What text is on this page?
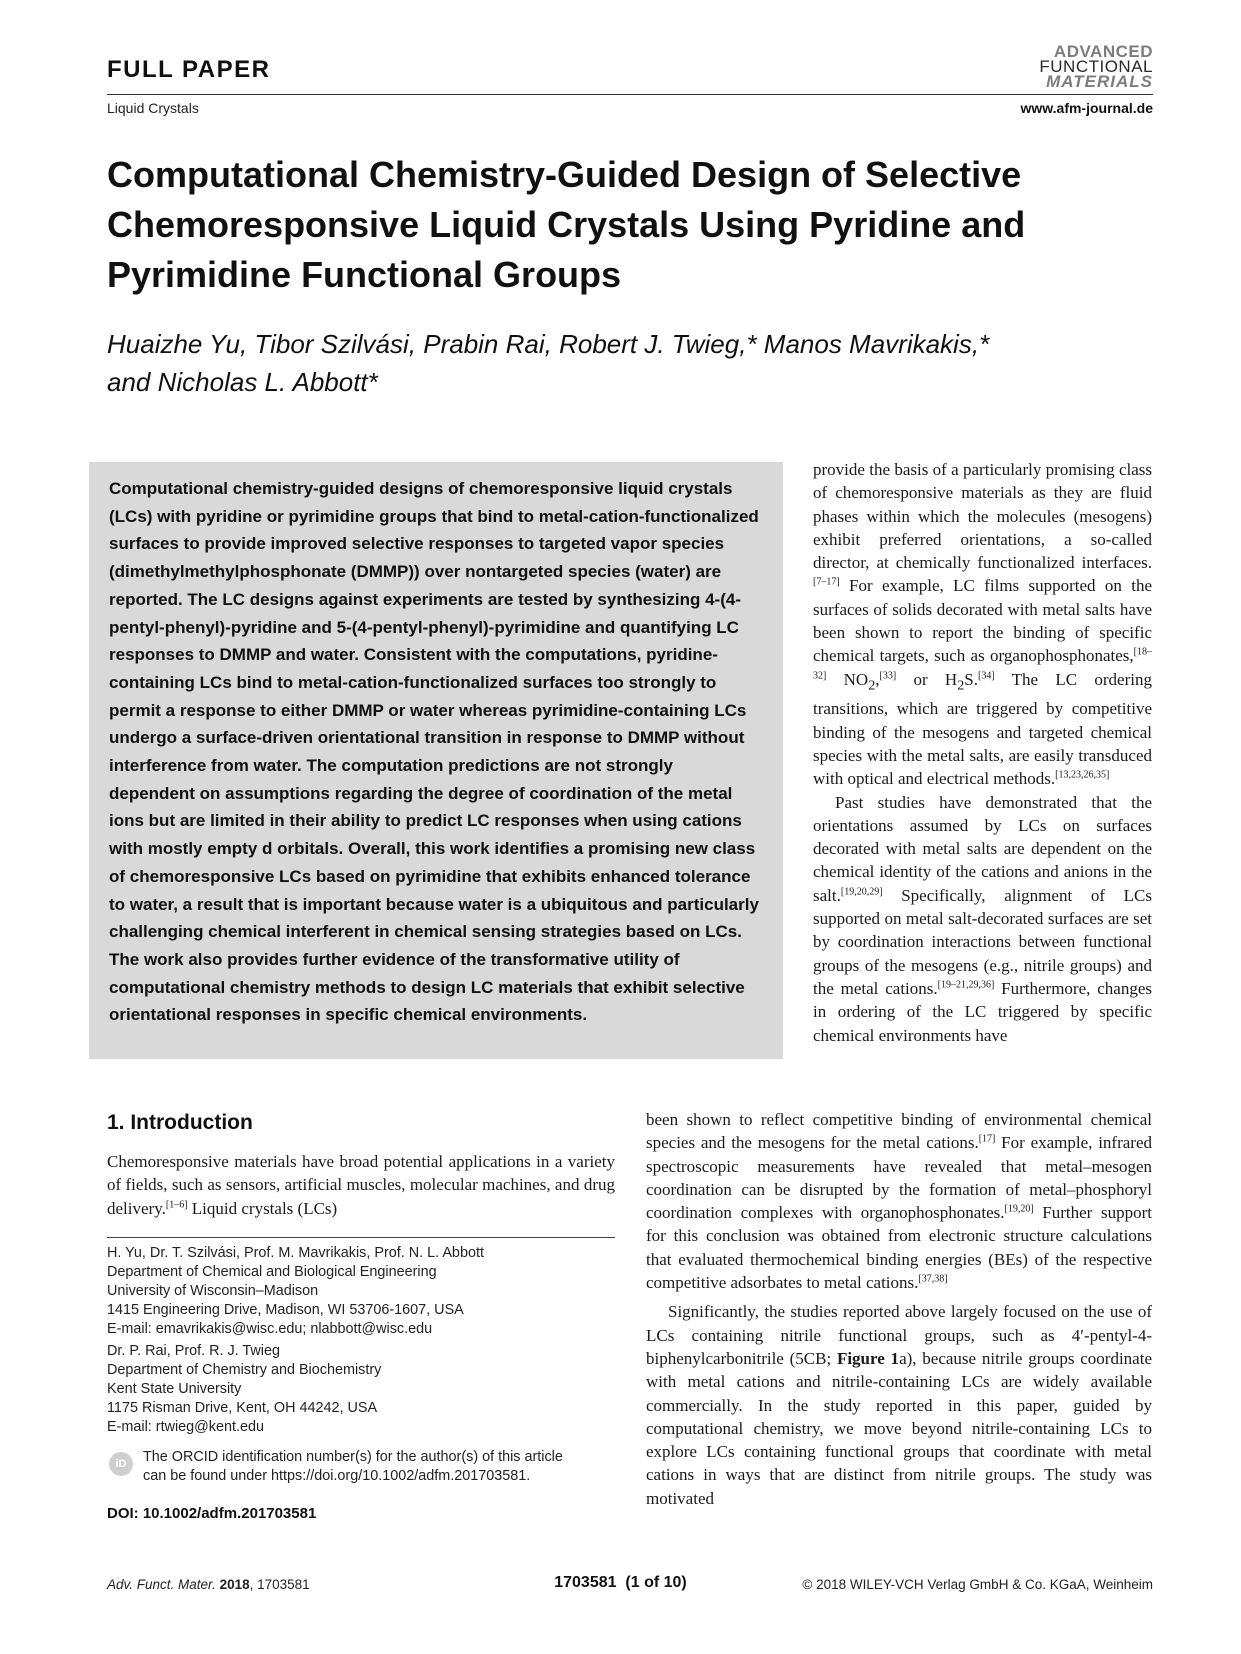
FULL PAPER
Liquid Crystals
ADVANCED
FUNCTIONAL
MATERIALS
www.afm-journal.de
Computational Chemistry-Guided Design of Selective Chemoresponsive Liquid Crystals Using Pyridine and Pyrimidine Functional Groups
Huaizhe Yu, Tibor Szilvási, Prabin Rai, Robert J. Twieg,* Manos Mavrikakis,*
and Nicholas L. Abbott*
Computational chemistry-guided designs of chemoresponsive liquid crystals (LCs) with pyridine or pyrimidine groups that bind to metal-cation-functionalized surfaces to provide improved selective responses to targeted vapor species (dimethylmethylphosphonate (DMMP)) over nontargeted species (water) are reported. The LC designs against experiments are tested by synthesizing 4-(4-pentyl-phenyl)-pyridine and 5-(4-pentyl-phenyl)-pyrimidine and quantifying LC responses to DMMP and water. Consistent with the computations, pyridine-containing LCs bind to metal-cation-functionalized surfaces too strongly to permit a response to either DMMP or water whereas pyrimidine-containing LCs undergo a surface-driven orientational transition in response to DMMP without interference from water. The computation predictions are not strongly dependent on assumptions regarding the degree of coordination of the metal ions but are limited in their ability to predict LC responses when using cations with mostly empty d orbitals. Overall, this work identifies a promising new class of chemoresponsive LCs based on pyrimidine that exhibits enhanced tolerance to water, a result that is important because water is a ubiquitous and particularly challenging chemical interferent in chemical sensing strategies based on LCs. The work also provides further evidence of the transformative utility of computational chemistry methods to design LC materials that exhibit selective orientational responses in specific chemical environments.

provide the basis of a particularly promising class of chemoresponsive materials as they are fluid phases within which the molecules (mesogens) exhibit preferred orientations, a so-called director, at chemically functionalized interfaces.[7–17] For example, LC films supported on the surfaces of solids decorated with metal salts have been shown to report the binding of specific chemical targets, such as organophosphonates,[18–32] $NO_2,[33]$ or $H_2S.[34]$ The LC ordering transitions, which are triggered by competitive binding of the mesogens and targeted chemical species with the metal salts, are easily transduced with optical and electrical methods.[13,23,26,35]

Past studies have demonstrated that the orientations assumed by LCs on surfaces decorated with metal salts are dependent on the chemical identity of the cations and anions in the salt.[19,20,29] Specifically, alignment of LCs supported on metal salt-decorated surfaces are set by coordination interactions between functional groups of the mesogens (e.g., nitrile groups) and the metal cations.[19–21,29,36] Furthermore, changes in ordering of the LC triggered by specific chemical environments have

been shown to reflect competitive binding of environmental chemical species and the mesogens for the metal cations.[17] For example, infrared spectroscopic measurements have revealed that metal–mesogen coordination can be disrupted by the formation of metal–phosphoryl coordination complexes with organophosphonates.[19,20] Further support for this conclusion was obtained from electronic structure calculations that evaluated thermochemical binding energies (BEs) of the respective competitive adsorbates to metal cations.[37,38]

Significantly, the studies reported above largely focused on the use of LCs containing nitrile functional groups, such as 4′-pentyl-4-biphenylcarbonitrile (5CB; Figure 1a), because nitrile groups coordinate with metal cations and nitrile-containing LCs are widely available commercially. In the study reported in this paper, guided by computational chemistry, we move beyond nitrile-containing LCs to explore LCs containing functional groups that coordinate with metal cations in ways that are distinct from nitrile groups. The study was motivated

1. Introduction

Chemoresponsive materials have broad potential applications in a variety of fields, such as sensors, artificial muscles, molecular machines, and drug delivery.[1–6] Liquid crystals (LCs)

H. Yu, Dr. T. Szilvási, Prof. M. Mavrikakis, Prof. N. L. Abbott
Department of Chemical and Biological Engineering
University of Wisconsin–Madison
1415 Engineering Drive, Madison, WI 53706-1607, USA
E-mail: emavrikakis@wisc.edu; nlabbott@wisc.edu
Dr. P. Rai, Prof. R. J. Twieg
Department of Chemistry and Biochemistry
Kent State University
1175 Risman Drive, Kent, OH 44242, USA
E-mail: rtwieg@kent.edu
iD	The ORCID identification number(s) for the author(s) of this article
can be found under https://doi.org/10.1002/adfm.201703581.
DOI: 10.1002/adfm.201703581
Adv. Funct. Mater. 2018, 1703581	1703581  (1 of 10)	© 2018 WILEY-VCH Verlag GmbH & Co. KGaA, Weinheim
